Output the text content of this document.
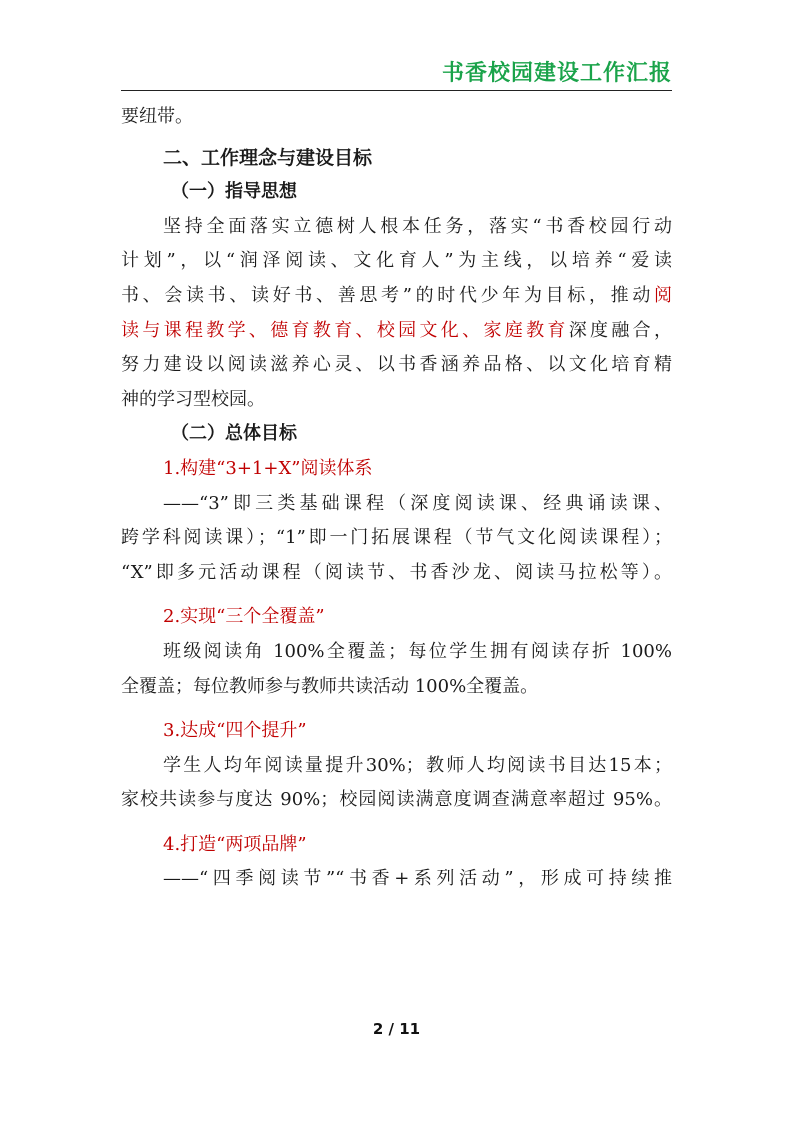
书香校园建设工作汇报
要纽带。
二、工作理念与建设目标
（一）指导思想
坚持全面落实立德树人根本任务，落实“书香校园行动
计划”，以“润泽阅读、文化育人”为主线，以培养“爱读
书、会读书、读好书、善思考”的时代少年为目标，推动阅
读与课程教学、德育教育、校园文化、家庭教育深度融合，
努力建设以阅读滋养心灵、以书香涵养品格、以文化培育精
神的学习型校园。
（二）总体目标
1.构建“3+1+X”阅读体系
——“3”即三类基础课程（深度阅读课、经典诵读课、
跨学科阅读课）；“1”即一门拓展课程（节气文化阅读课程）；
“X”即多元活动课程（阅读节、书香沙龙、阅读马拉松等）。
2.实现“三个全覆盖”
班级阅读角 100%全覆盖；每位学生拥有阅读存折 100%
全覆盖；每位教师参与教师共读活动 100%全覆盖。
3.达成“四个提升”
学生人均年阅读量提升30%；教师人均阅读书目达15本；
家校共读参与度达 90%；校园阅读满意度调查满意率超过 95%。
4.打造“两项品牌”
——“四季阅读节”“书香+系列活动”，形成可持续推
2 / 11
